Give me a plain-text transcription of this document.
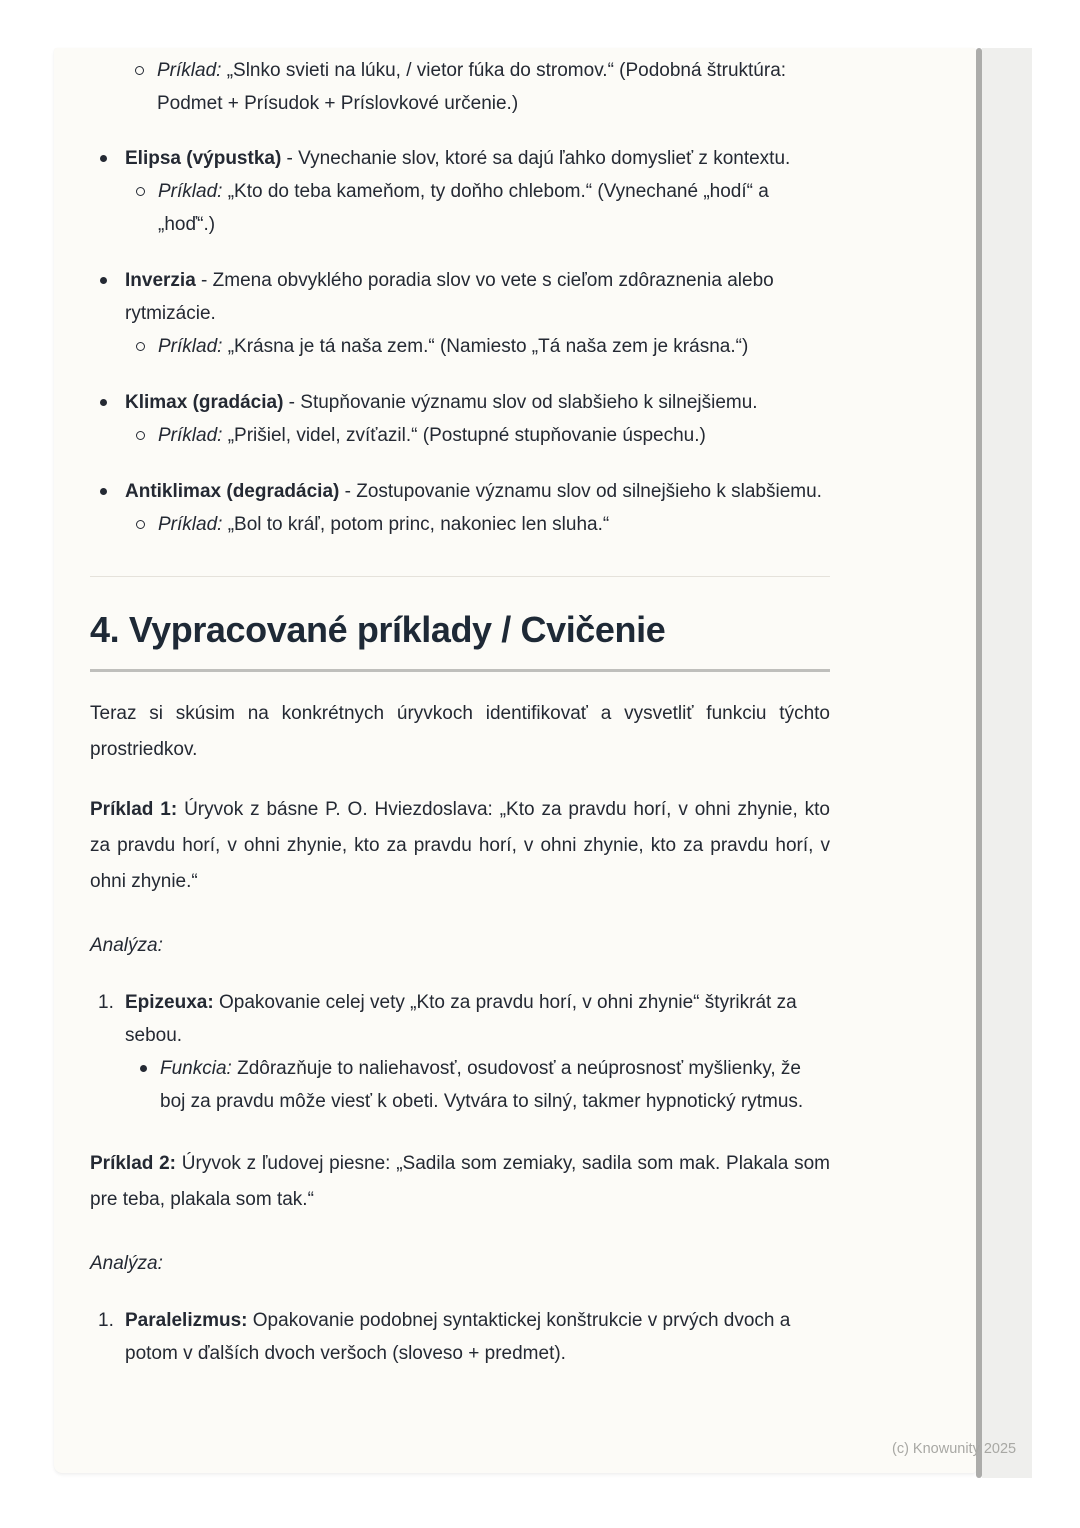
Príklad: „Slnko svieti na lúku, / vietor fúka do stromov.“ (Podobná štruktúra: Podmet + Prísudok + Príslovkové určenie.)
Elipsa (výpustka) - Vynechanie slov, ktoré sa dajú ľahko domyslieť z kontextu.
Príklad: „Kto do teba kameňom, ty doňho chlebom.“ (Vynechané „hodí“ a „hoď“.)
Inverzia - Zmena obvyklého poradia slov vo vete s cieľom zdôraznenia alebo rytmizácie.
Príklad: „Krásna je tá naša zem.“ (Namiesto „Tá naša zem je krásna.“)
Klimax (gradácia) - Stupňovanie významu slov od slabšieho k silnejšiemu.
Príklad: „Prišiel, videl, zvíťazil.“ (Postupné stupňovanie úspechu.)
Antiklimax (degradácia) - Zostupovanie významu slov od silnejšieho k slabšiemu.
Príklad: „Bol to kráľ, potom princ, nakoniec len sluha.“
4. Vypracované príklady / Cvičenie

Teraz si skúsim na konkrétnych úryvkoch identifikovať a vysvetliť funkciu týchto prostriedkov.

Príklad 1: Úryvok z básne P. O. Hviezdoslava: „Kto za pravdu horí, v ohni zhynie, kto za pravdu horí, v ohni zhynie, kto za pravdu horí, v ohni zhynie, kto za pravdu horí, v ohni zhynie.“

Analýza:

1. Epizeuxa: Opakovanie celej vety „Kto za pravdu horí, v ohni zhynie“ štyrikrát za sebou.
Funkcia: Zdôrazňuje to naliehavosť, osudovosť a neúprosnosť myšlienky, že boj za pravdu môže viesť k obeti. Vytvára to silný, takmer hypnotický rytmus.

Príklad 2: Úryvok z ľudovej piesne: „Sadila som zemiaky, sadila som mak. Plakala som pre teba, plakala som tak.“

Analýza:

1. Paralelizmus: Opakovanie podobnej syntaktickej konštrukcie v prvých dvoch a potom v ďalších dvoch veršoch (sloveso + predmet).
(c) Knowunity 2025
